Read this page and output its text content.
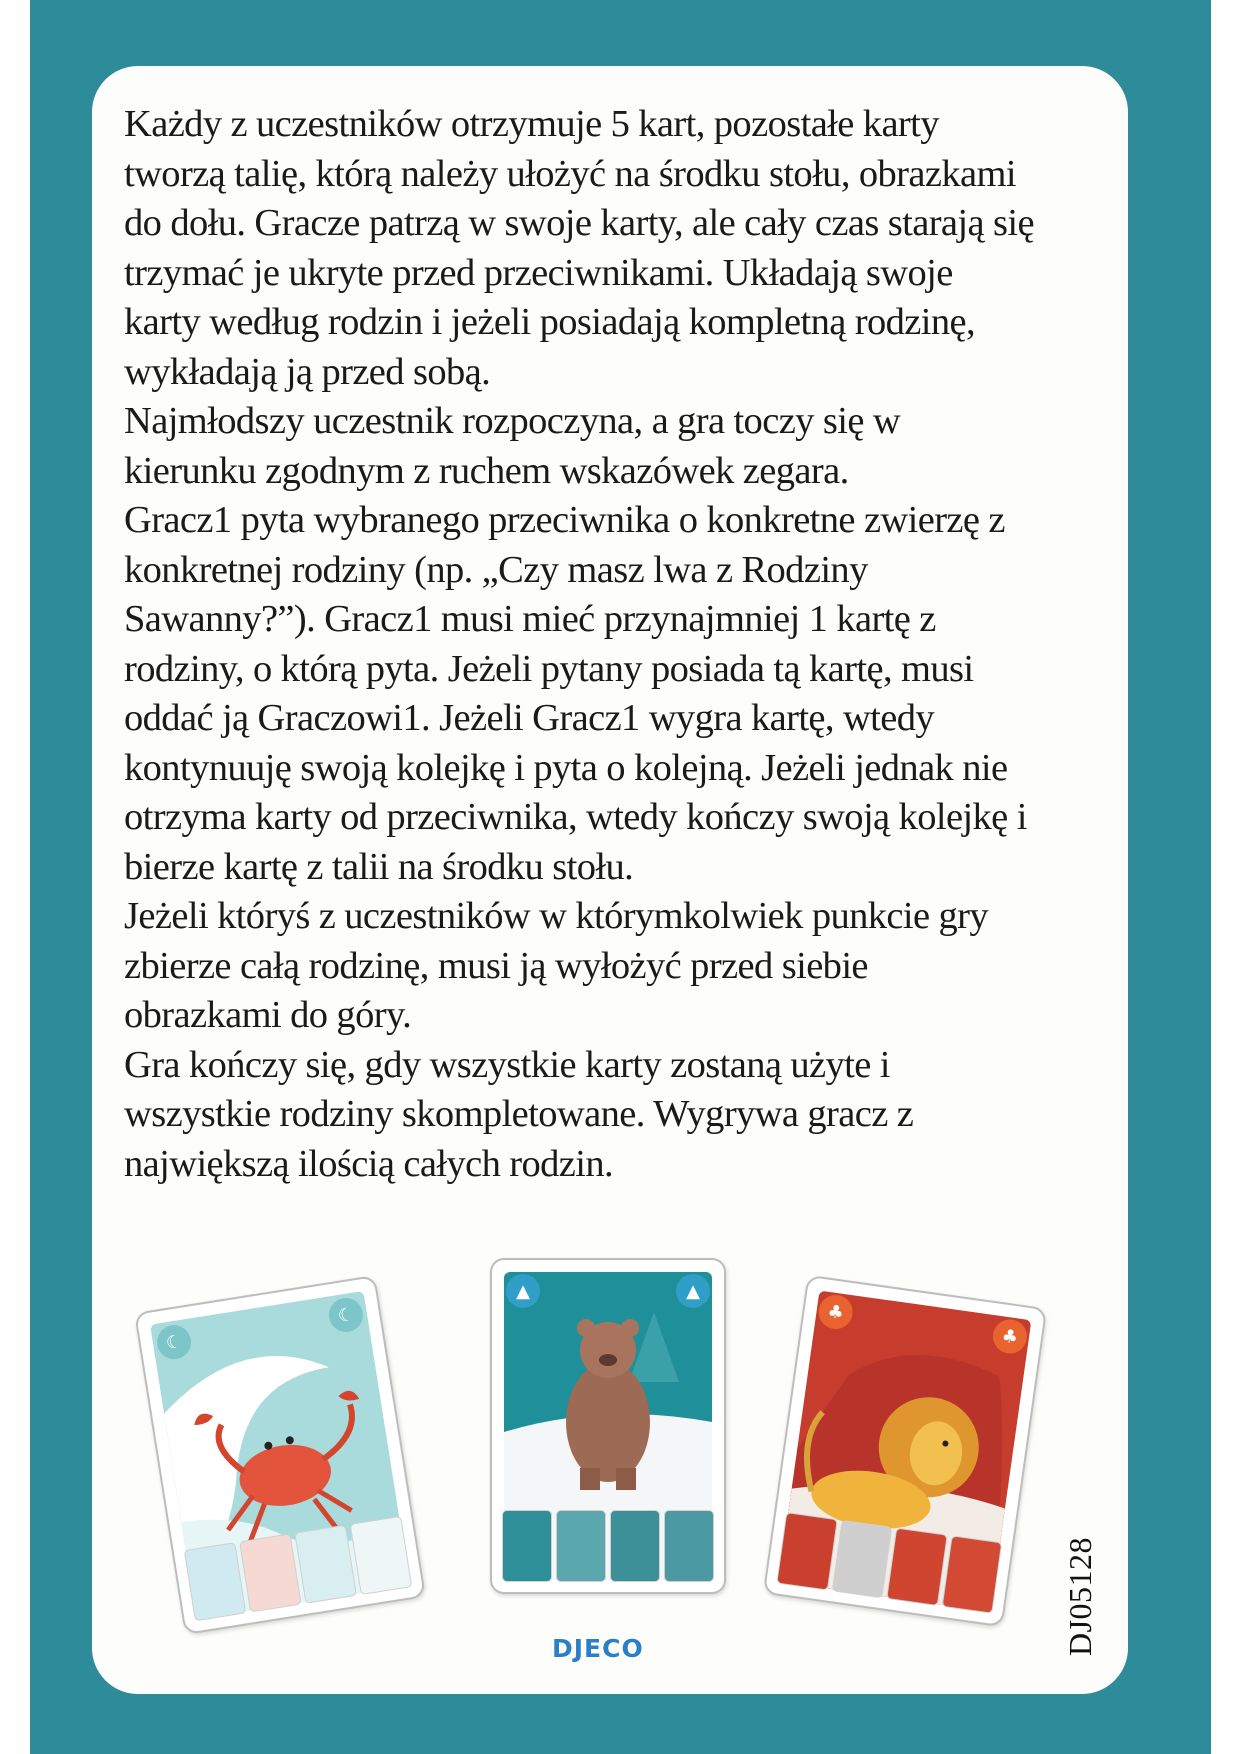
Każdy z uczestników otrzymuje 5 kart, pozostałe karty

tworzą talię, którą należy ułożyć na środku stołu, obrazkami

do dołu. Gracze patrzą w swoje karty, ale cały czas starają się

trzymać je ukryte przed przeciwnikami. Układają swoje

karty według rodzin i jeżeli posiadają kompletną rodzinę,

wykładają ją przed sobą.

Najmłodszy uczestnik rozpoczyna, a gra toczy się w

kierunku zgodnym z ruchem wskazówek zegara.

Gracz1 pyta wybranego przeciwnika o konkretne zwierzę z

konkretnej rodziny (np. „Czy masz lwa z Rodziny

Sawanny?”). Gracz1 musi mieć przynajmniej 1 kartę z

rodziny, o którą pyta. Jeżeli pytany posiada tą kartę, musi

oddać ją Graczowi1. Jeżeli Gracz1 wygra kartę, wtedy

kontynuuję swoją kolejkę i pyta o kolejną. Jeżeli jednak nie

otrzyma karty od przeciwnika, wtedy kończy swoją kolejkę i

bierze kartę z talii na środku stołu.

Jeżeli któryś z uczestników w którymkolwiek punkcie gry

zbierze całą rodzinę, musi ją wyłożyć przed siebie

obrazkami do góry.

Gra kończy się, gdy wszystkie karty zostaną użyte i

wszystkie rodziny skompletowane. Wygrywa gracz z

największą ilością całych rodzin.

☾
☾
▲	▲
♣
♣
DJECO	DJ05128
